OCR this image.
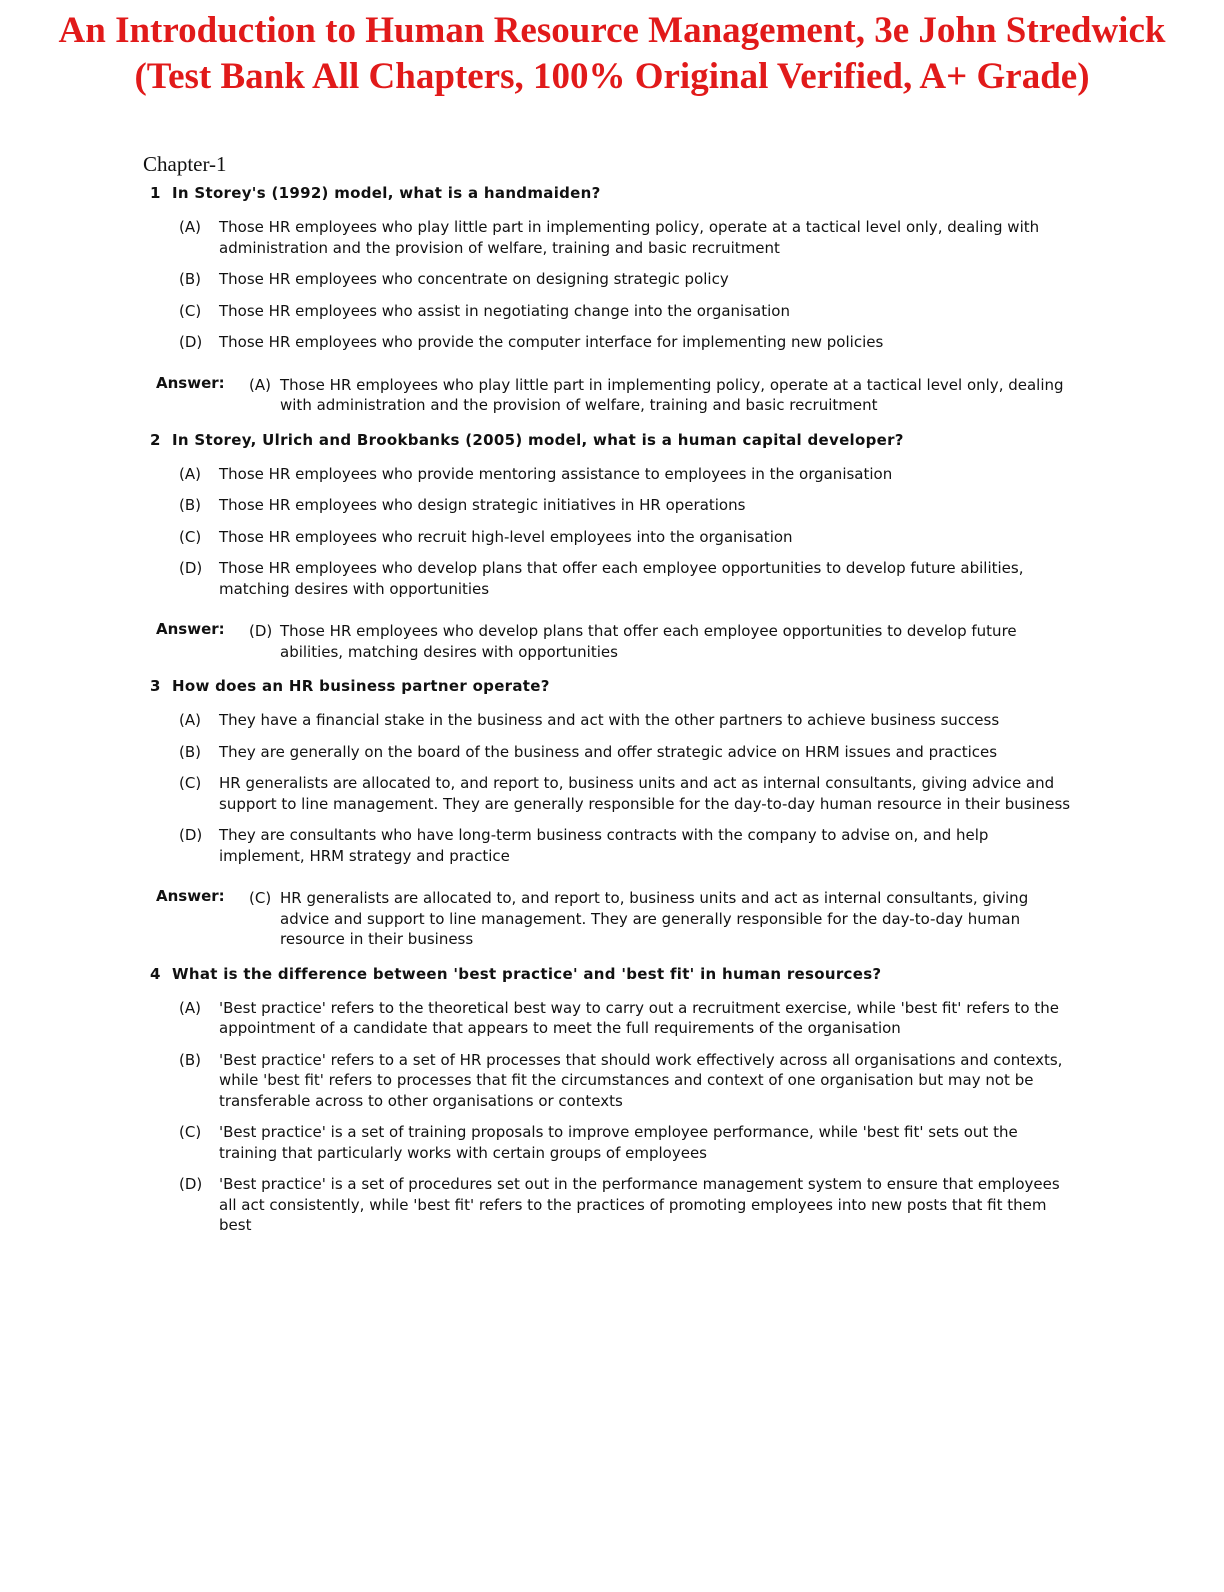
An Introduction to Human Resource Management, 3e John Stredwick
(Test Bank All Chapters, 100% Original Verified, A+ Grade)
Chapter-1
1 In Storey's (1992) model, what is a handmaiden?
(A)	Those HR employees who play little part in implementing policy, operate at a tactical level only, dealing with administration and the provision of welfare, training and basic recruitment
(B)	Those HR employees who concentrate on designing strategic policy
(C)	Those HR employees who assist in negotiating change into the organisation
(D)	Those HR employees who provide the computer interface for implementing new policies
Answer:	(A) Those HR employees who play little part in implementing policy, operate at a tactical level only, dealing with administration and the provision of welfare, training and basic recruitment
2 In Storey, Ulrich and Brookbanks (2005) model, what is a human capital developer?
(A)	Those HR employees who provide mentoring assistance to employees in the organisation
(B)	Those HR employees who design strategic initiatives in HR operations
(C)	Those HR employees who recruit high-level employees into the organisation
(D)	Those HR employees who develop plans that offer each employee opportunities to develop future abilities, matching desires with opportunities
Answer:	(D) Those HR employees who develop plans that offer each employee opportunities to develop future abilities, matching desires with opportunities
3 How does an HR business partner operate?
(A)	They have a financial stake in the business and act with the other partners to achieve business success
(B)	They are generally on the board of the business and offer strategic advice on HRM issues and practices
(C)	HR generalists are allocated to, and report to, business units and act as internal consultants, giving advice and support to line management. They are generally responsible for the day-to-day human resource in their business
(D)	They are consultants who have long-term business contracts with the company to advise on, and help implement, HRM strategy and practice
Answer:	(C) HR generalists are allocated to, and report to, business units and act as internal consultants, giving advice and support to line management. They are generally responsible for the day-to-day human resource in their business
4 What is the difference between 'best practice' and 'best fit' in human resources?
(A)	'Best practice' refers to the theoretical best way to carry out a recruitment exercise, while 'best fit' refers to the appointment of a candidate that appears to meet the full requirements of the organisation
(B)	'Best practice' refers to a set of HR processes that should work effectively across all organisations and contexts, while 'best fit' refers to processes that fit the circumstances and context of one organisation but may not be transferable across to other organisations or contexts
(C)	'Best practice' is a set of training proposals to improve employee performance, while 'best fit' sets out the training that particularly works with certain groups of employees
(D)	'Best practice' is a set of procedures set out in the performance management system to ensure that employees all act consistently, while 'best fit' refers to the practices of promoting employees into new posts that fit them best
